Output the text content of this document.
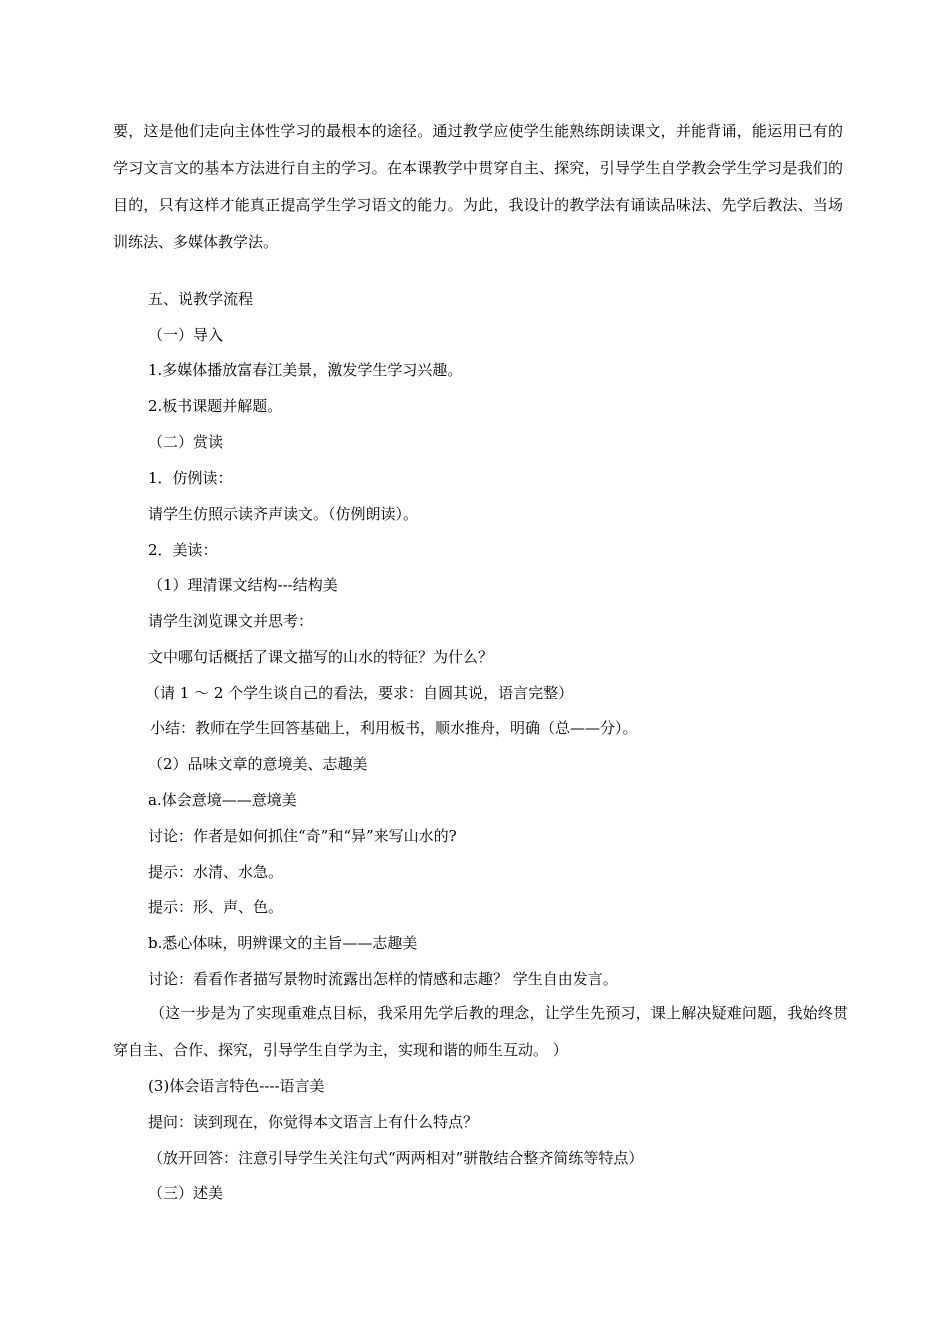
要，这是他们走向主体性学习的最根本的途径。通过教学应使学生能熟练朗读课文，并能背诵，能运用已有的学习文言文的基本方法进行自主的学习。在本课教学中贯穿自主、探究，引导学生自学教会学生学习是我们的目的，只有这样才能真正提高学生学习语文的能力。为此，我设计的教学法有诵读品味法、先学后教法、当场训练法、多媒体教学法。

五、说教学流程

（一）导入

1.多媒体播放富春江美景，激发学生学习兴趣。

2.板书课题并解题。

（二）赏读

1．仿例读：

请学生仿照示读齐声读文。（仿例朗读）。

2．美读：

（1）理清课文结构---结构美

请学生浏览课文并思考：

文中哪句话概括了课文描写的山水的特征？为什么？

（请 1 ～ 2 个学生谈自己的看法，要求：自圆其说，语言完整）

小结：教师在学生回答基础上，利用板书，顺水推舟，明确（总——分）。

（2）品味文章的意境美、志趣美

a.体会意境——意境美

讨论：作者是如何抓住“奇”和“异”来写山水的?

提示：水清、水急。

提示：形、声、色。

b.悉心体味，明辨课文的主旨——志趣美

讨论：看看作者描写景物时流露出怎样的情感和志趣？ 学生自由发言。

（这一步是为了实现重难点目标，我采用先学后教的理念，让学生先预习，课上解决疑难问题，我始终贯穿自主、合作、探究，引导学生自学为主，实现和谐的师生互动。 ）

(3)体会语言特色----语言美

提问：读到现在，你觉得本文语言上有什么特点？

（放开回答：注意引导学生关注句式“两两相对”骈散结合整齐简练等特点）

（三）述美
